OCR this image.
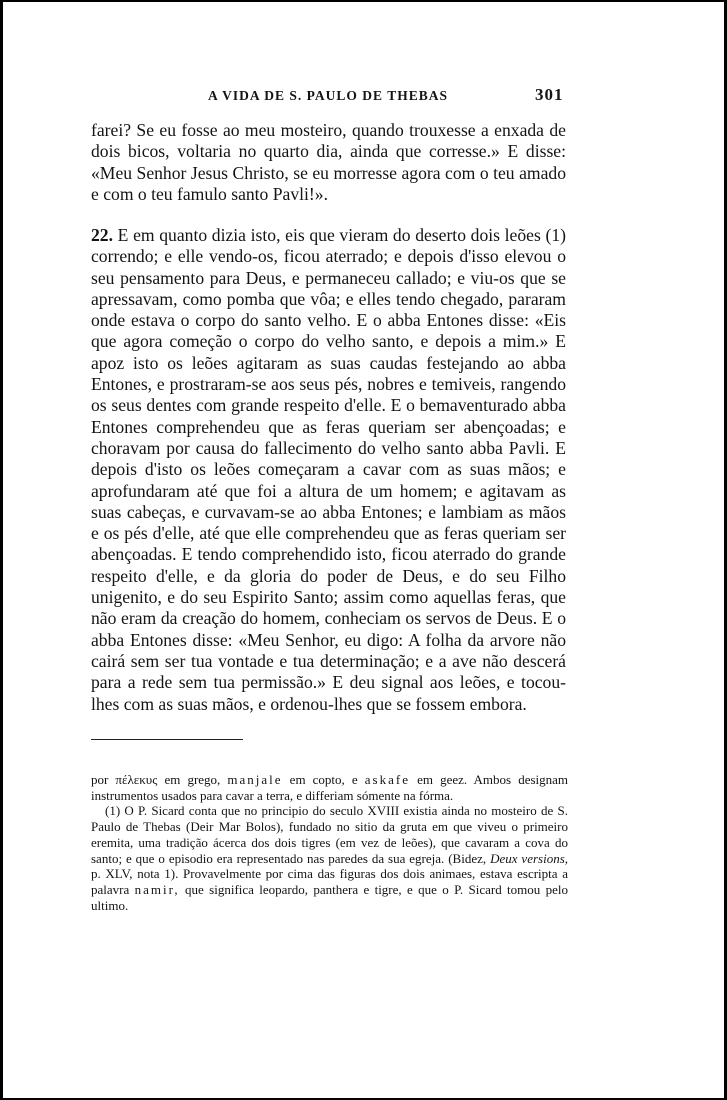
A VIDA DE S. PAULO DE THEBAS	301

farei? Se eu fosse ao meu mosteiro, quando trouxesse a enxada de dois bicos, voltaria no quarto dia, ainda que corresse.» E disse: «Meu Senhor Jesus Christo, se eu morresse agora com o teu amado e com o teu famulo santo Pavli!».

22. E em quanto dizia isto, eis que vieram do deserto dois leões (1) correndo; e elle vendo-os, ficou aterrado; e depois d'isso elevou o seu pensamento para Deus, e permaneceu callado; e viu-os que se apressavam, como pomba que vôa; e elles tendo chegado, pararam onde estava o corpo do santo velho. E o abba Entones disse: «Eis que agora começão o corpo do velho santo, e depois a mim.» E apoz isto os leões agitaram as suas caudas festejando ao abba Entones, e prostraram-se aos seus pés, nobres e temiveis, rangendo os seus dentes com grande respeito d'elle. E o bemaventurado abba Entones comprehendeu que as feras queriam ser abençoadas; e choravam por causa do fallecimento do velho santo abba Pavli. E depois d'isto os leões começaram a cavar com as suas mãos; e aprofundaram até que foi a altura de um homem; e agitavam as suas cabeças, e curvavam-se ao abba Entones; e lambiam as mãos e os pés d'elle, até que elle comprehendeu que as feras queriam ser abençoadas. E tendo comprehendido isto, ficou aterrado do grande respeito d'elle, e da gloria do poder de Deus, e do seu Filho unigenito, e do seu Espirito Santo; assim como aquellas feras, que não eram da creação do homem, conheciam os servos de Deus. E o abba Entones disse: «Meu Senhor, eu digo: A folha da arvore não cairá sem ser tua vontade e tua determinação; e a ave não descerá para a rede sem tua permissão.» E deu signal aos leões, e tocou-lhes com as suas mãos, e ordenou-lhes que se fossem embora.

por πέλεκυς em grego, manjale em copto, e askafe em geez. Ambos designam instrumentos usados para cavar a terra, e differiam sómente na fórma.

(1) O P. Sicard conta que no principio do seculo XVIII existia ainda no mosteiro de S. Paulo de Thebas (Deir Mar Bolos), fundado no sitio da gruta em que viveu o primeiro eremita, uma tradição ácerca dos dois tigres (em vez de leões), que cavaram a cova do santo; e que o episodio era representado nas paredes da sua egreja. (Bidez, Deux versions, p. XLV, nota 1). Provavelmente por cima das figuras dos dois animaes, estava escripta a palavra namir, que significa leopardo, panthera e tigre, e que o P. Sicard tomou pelo ultimo.
